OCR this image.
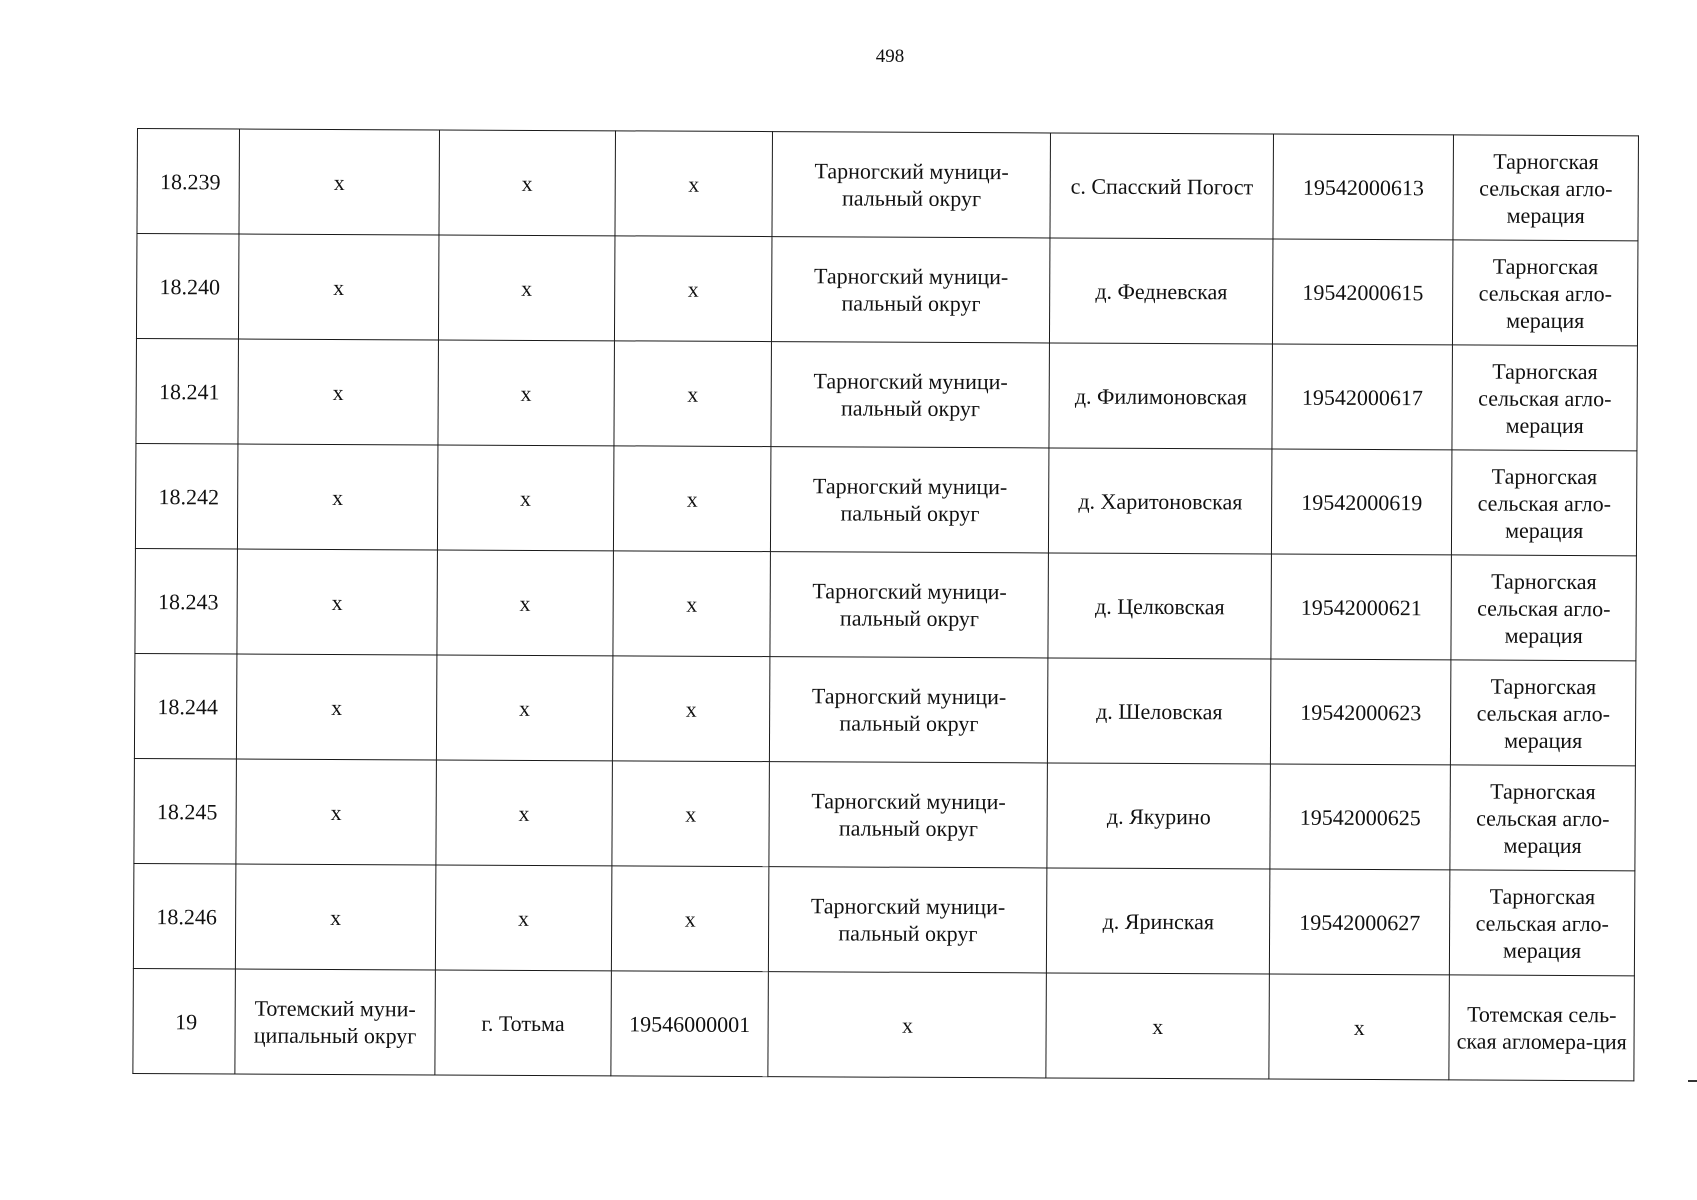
498
18.239	х	х	х	Тарногский муници-пальный округ	с. Спасский Погост	19542000613	Тарногская сельская агло-мерация
18.240	х	х	х	Тарногский муници-пальный округ	д. Федневская	19542000615	Тарногская сельская агло-мерация
18.241	х	х	х	Тарногский муници-пальный округ	д. Филимоновская	19542000617	Тарногская сельская агло-мерация
18.242	х	х	х	Тарногский муници-пальный округ	д. Харитоновская	19542000619	Тарногская сельская агло-мерация
18.243	х	х	х	Тарногский муници-пальный округ	д. Целковская	19542000621	Тарногская сельская агло-мерация
18.244	х	х	х	Тарногский муници-пальный округ	д. Шеловская	19542000623	Тарногская сельская агло-мерация
18.245	х	х	х	Тарногский муници-пальный округ	д. Якурино	19542000625	Тарногская сельская агло-мерация
18.246	х	х	х	Тарногский муници-пальный округ	д. Яринская	19542000627	Тарногская сельская агло-мерация
19	Тотемский муни-ципальный округ	г. Тотьма	19546000001	х	х	х	Тотемская сель-ская агломера-ция
